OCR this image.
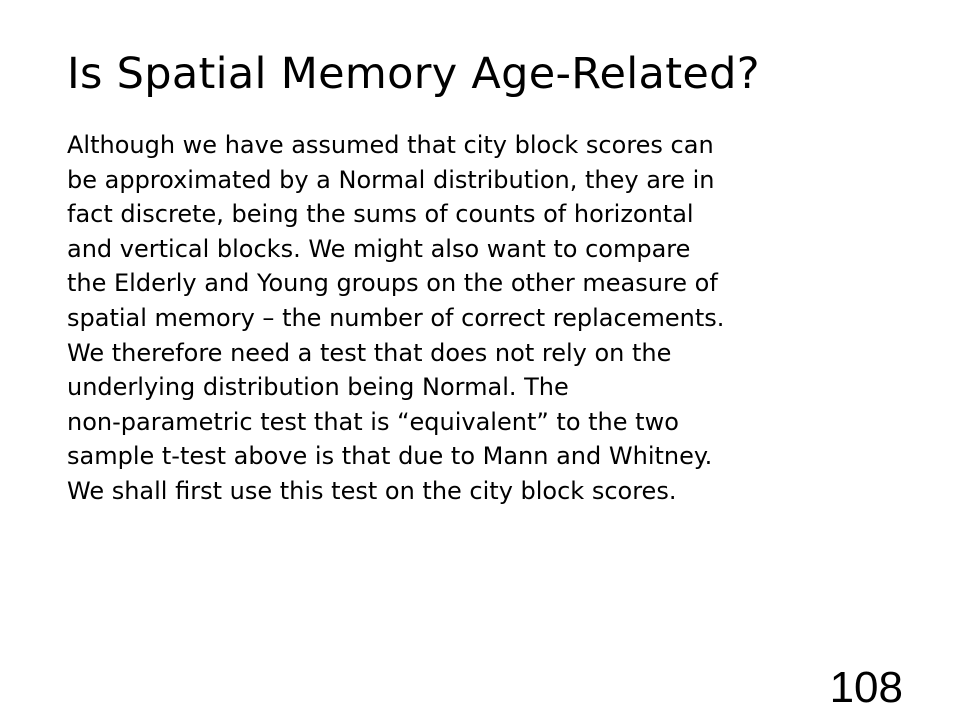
Is Spatial Memory Age-Related?
Although we have assumed that city block scores can
be approximated by a Normal distribution, they are in
fact discrete, being the sums of counts of horizontal
and vertical blocks. We might also want to compare
the Elderly and Young groups on the other measure of
spatial memory – the number of correct replacements.
We therefore need a test that does not rely on the
underlying distribution being Normal. The
non-parametric test that is “equivalent” to the two
sample t-test above is that due to Mann and Whitney.
We shall first use this test on the city block scores.
108
